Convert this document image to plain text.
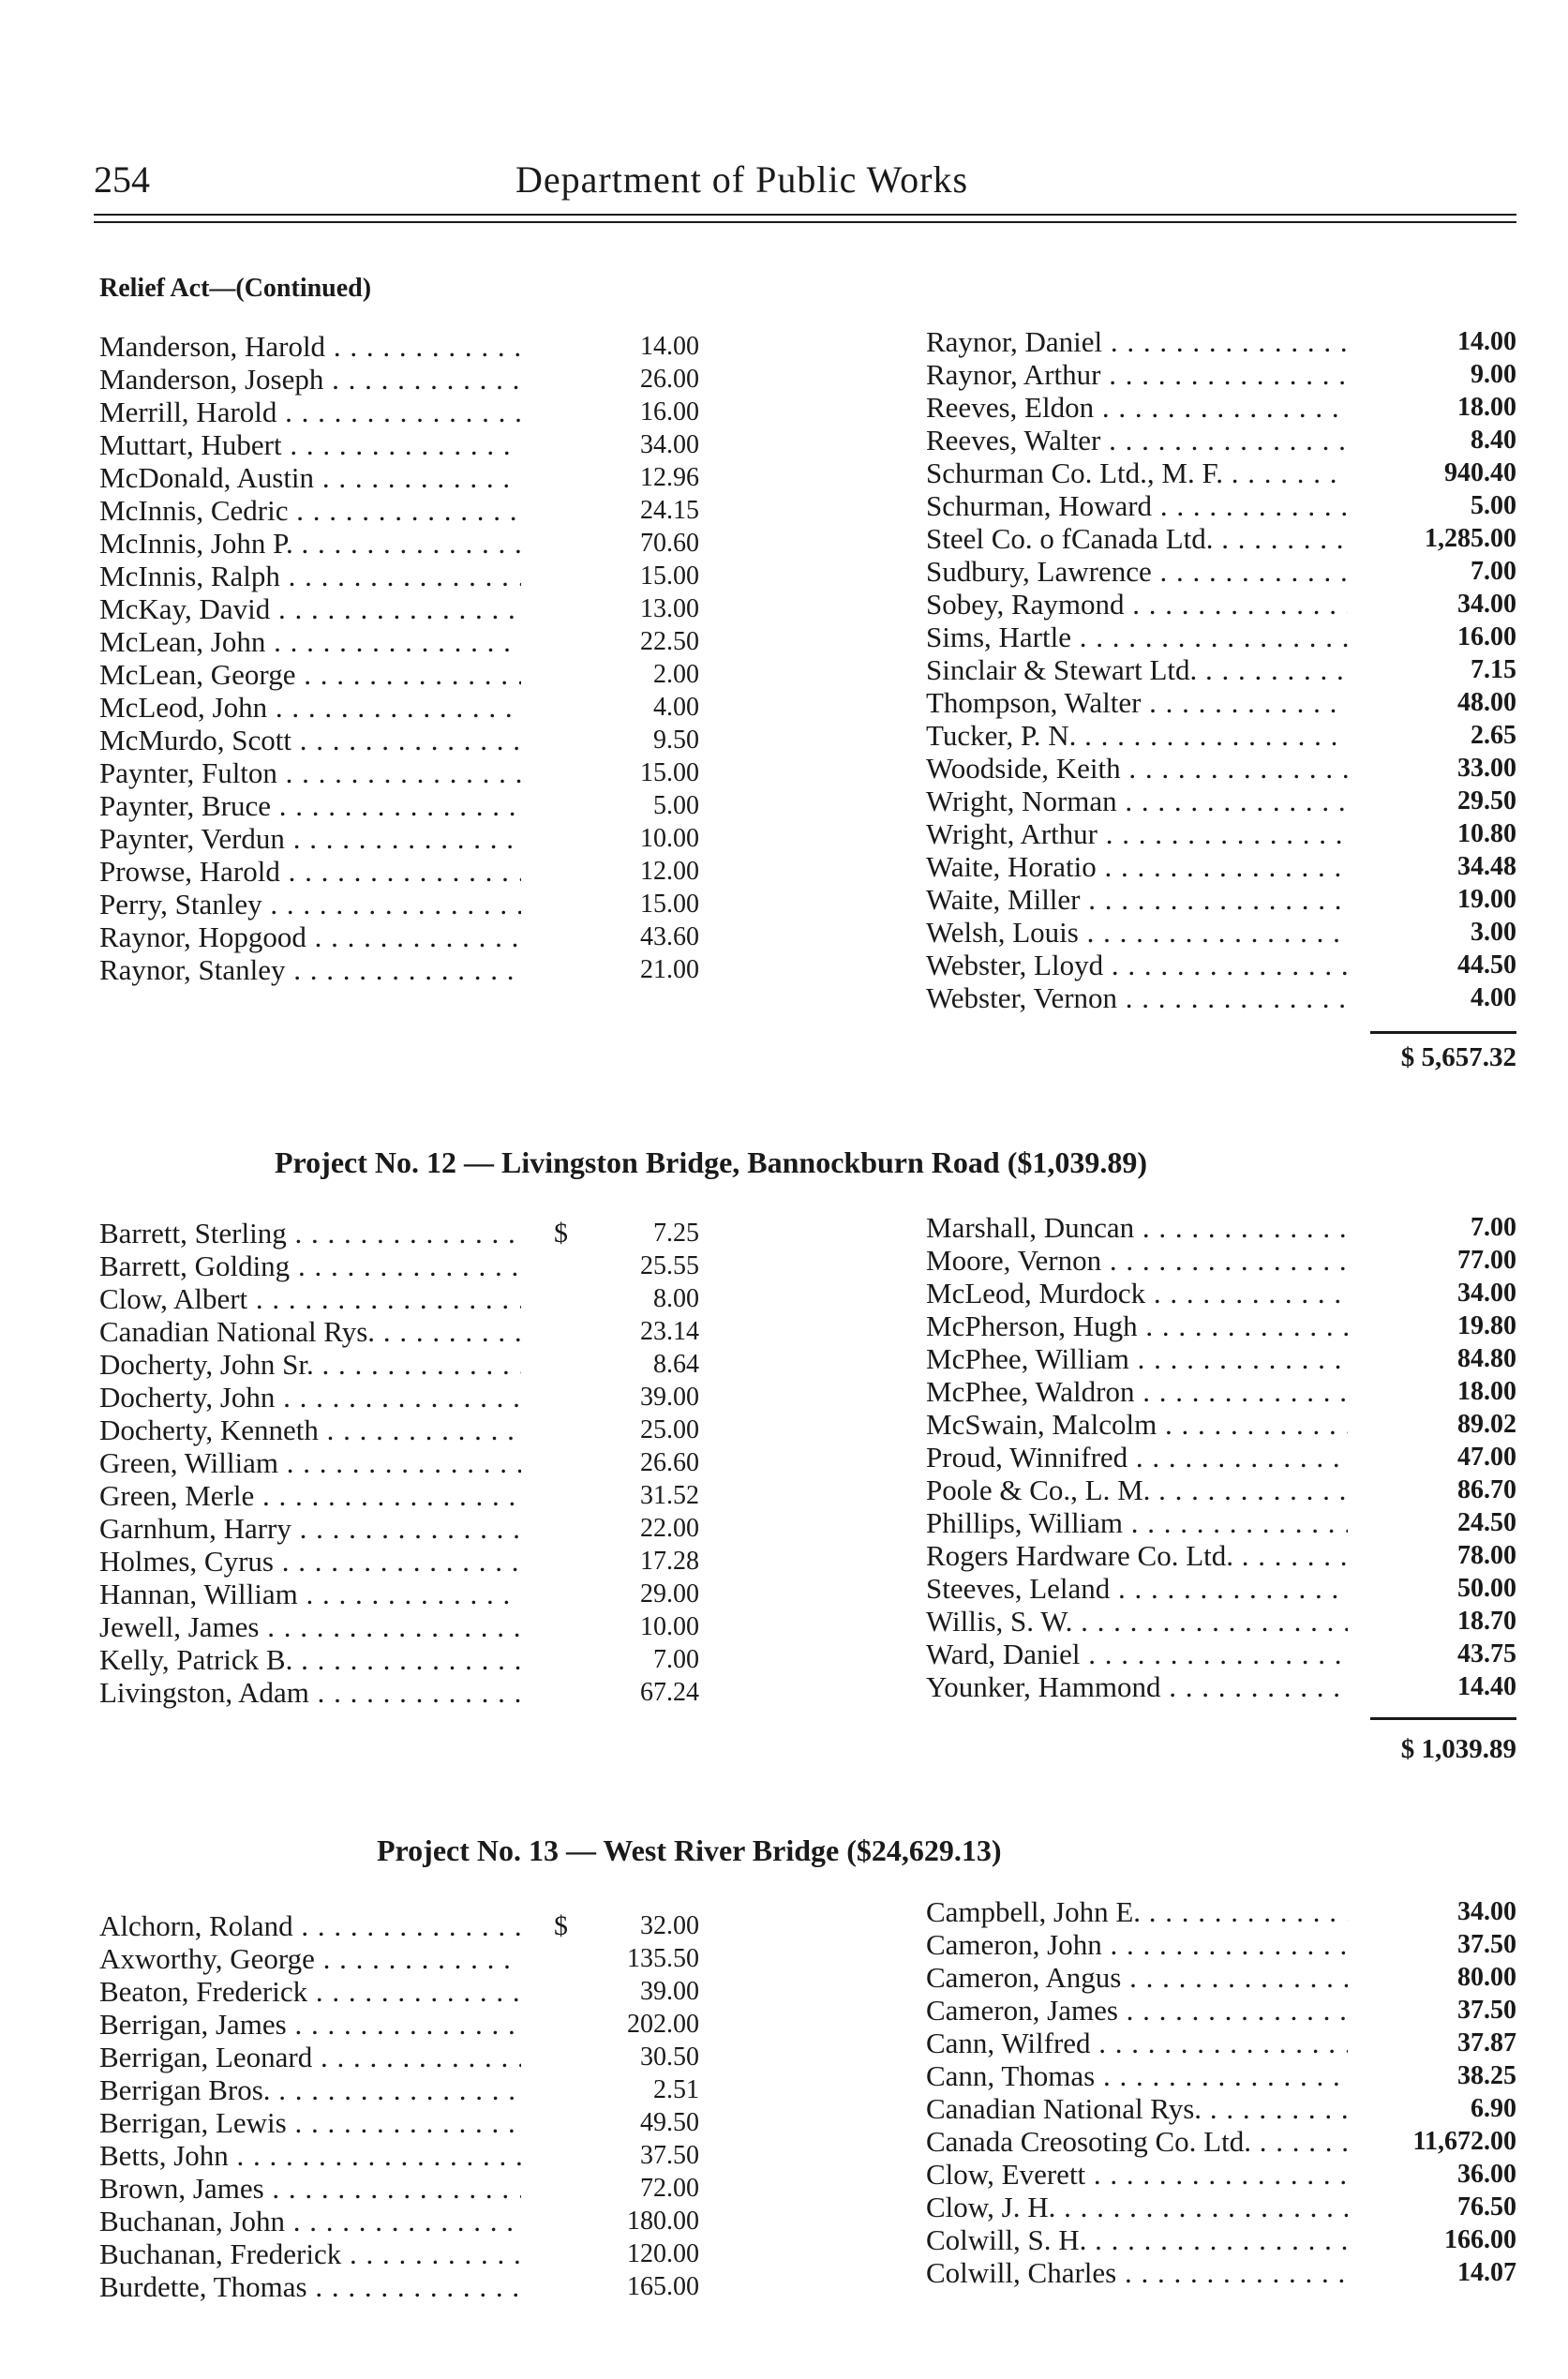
254	Department of Public Works
Relief Act—(Continued)
Manderson, Harold . . .	14.00
Manderson, Joseph . . .	26.00
Merrill, Harold . . .	16.00
Muttart, Hubert . . .	34.00
McDonald, Austin . . .	12.96
McInnis, Cedric . . .	24.15
McInnis, John P. . . .	70.60
McInnis, Ralph . . .	15.00
McKay, David . . .	13.00
McLean, John . . .	22.50
McLean, George . . .	2.00
McLeod, John . . .	4.00
McMurdo, Scott . . .	9.50
Paynter, Fulton . . .	15.00
Paynter, Bruce . . .	5.00
Paynter, Verdun . . .	10.00
Prowse, Harold . . .	12.00
Perry, Stanley . . .	15.00
Raynor, Hopgood . . .	43.60
Raynor, Stanley . . .	21.00
Raynor, Daniel . . .	14.00
Raynor, Arthur . . .	9.00
Reeves, Eldon . . .	18.00
Reeves, Walter . . .	8.40
Schurman Co. Ltd., M. F. . . .	940.40
Schurman, Howard . . .	5.00
Steel Co. o fCanada Ltd. . . .	1,285.00
Sudbury, Lawrence . . .	7.00
Sobey, Raymond . . .	34.00
Sims, Hartle . . .	16.00
Sinclair & Stewart Ltd. . . .	7.15
Thompson, Walter . . .	48.00
Tucker, P. N. . . .	2.65
Woodside, Keith . . .	33.00
Wright, Norman . . .	29.50
Wright, Arthur . . .	10.80
Waite, Horatio . . .	34.48
Waite, Miller . . .	19.00
Welsh, Louis . . .	3.00
Webster, Lloyd . . .	44.50
Webster, Vernon . . .	4.00
$ 5,657.32
Project No. 12 — Livingston Bridge, Bannockburn Road ($1,039.89)
Barrett, Sterling . . .	$	7.25
Barrett, Golding . . .	25.55
Clow, Albert . . .	8.00
Canadian National Rys. . . .	23.14
Docherty, John Sr. . . .	8.64
Docherty, John . . .	39.00
Docherty, Kenneth . . .	25.00
Green, William . . .	26.60
Green, Merle . . .	31.52
Garnhum, Harry . . .	22.00
Holmes, Cyrus . . .	17.28
Hannan, William . . .	29.00
Jewell, James . . .	10.00
Kelly, Patrick B. . . .	7.00
Livingston, Adam . . .	67.24
Marshall, Duncan . . .	7.00
Moore, Vernon . . .	77.00
McLeod, Murdock . . .	34.00
McPherson, Hugh . . .	19.80
McPhee, William . . .	84.80
McPhee, Waldron . . .	18.00
McSwain, Malcolm . . .	89.02
Proud, Winnifred . . .	47.00
Poole & Co., L. M. . . .	86.70
Phillips, William . . .	24.50
Rogers Hardware Co. Ltd. . . .	78.00
Steeves, Leland . . .	50.00
Willis, S. W. . . .	18.70
Ward, Daniel . . .	43.75
Younker, Hammond . . .	14.40
$ 1,039.89
Project No. 13 — West River Bridge ($24,629.13)
Alchorn, Roland . . .	$	32.00
Axworthy, George . . .	135.50
Beaton, Frederick . . .	39.00
Berrigan, James . . .	202.00
Berrigan, Leonard . . .	30.50
Berrigan Bros. . . .	2.51
Berrigan, Lewis . . .	49.50
Betts, John . . .	37.50
Brown, James . . .	72.00
Buchanan, John . . .	180.00
Buchanan, Frederick . . .	120.00
Burdette, Thomas . . .	165.00
Campbell, John E. . . .	34.00
Cameron, John . . .	37.50
Cameron, Angus . . .	80.00
Cameron, James . . .	37.50
Cann, Wilfred . . .	37.87
Cann, Thomas . . .	38.25
Canadian National Rys. . . .	6.90
Canada Creosoting Co. Ltd. . . .	11,672.00
Clow, Everett . . .	36.00
Clow, J. H. . . .	76.50
Colwill, S. H. . . .	166.00
Colwill, Charles . . .	14.07
